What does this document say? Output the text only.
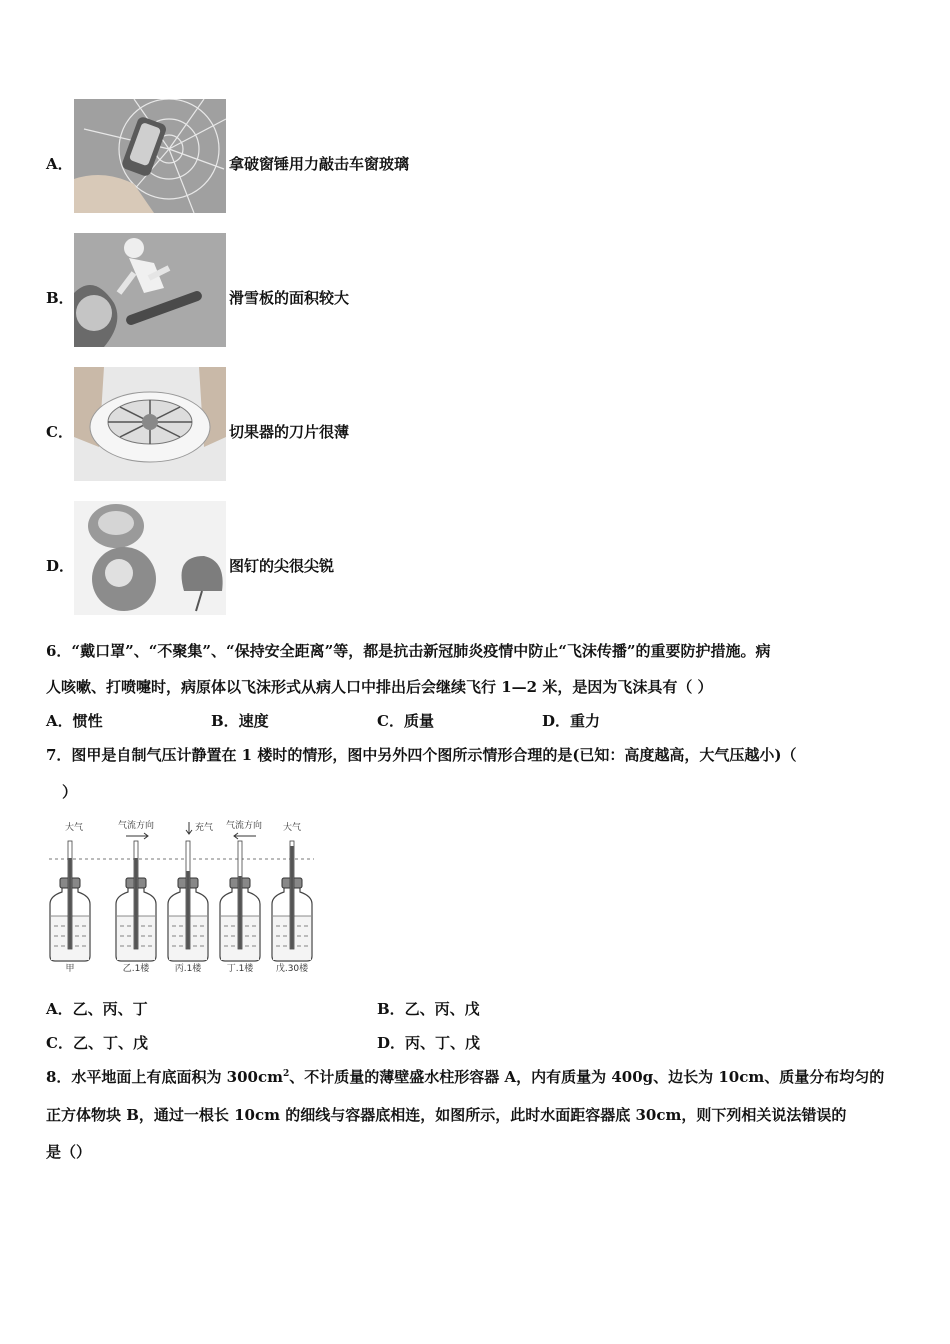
A．	拿破窗锤用力敲击车窗玻璃
B．	滑雪板的面积较大
C．	切果器的刀片很薄
D．	图钉的尖很尖锐
6．“戴口罩”、“不聚集”、“保持安全距离”等，都是抗击新冠肺炎疫情中防止“飞沫传播”的重要防护措施。病
人咳嗽、打喷嚏时，病原体以飞沫形式从病人口中排出后会继续飞行 1—2 米，是因为飞沫具有（ ）
A．惯性	B．速度	C．质量	D．重力
7．图甲是自制气压计静置在 1 楼时的情形，图中另外四个图所示情形合理的是(已知：高度越高，大气压越小)（
）
大气	气流方向	充气 气流方向 大气
甲	乙.1楼	丙.1楼	丁.1楼	戊.30楼
A．乙、丙、丁	B．乙、丙、戊
C．乙、丁、戊	D．丙、丁、戊
8．水平地面上有底面积为 $300cm^2$、不计质量的薄壁盛水柱形容器 A，内有质量为 400g、边长为 10cm、质量分布均匀的
正方体物块 B，通过一根长 10cm 的细线与容器底相连，如图所示，此时水面距容器底 30cm，则下列相关说法错误的
是（）
